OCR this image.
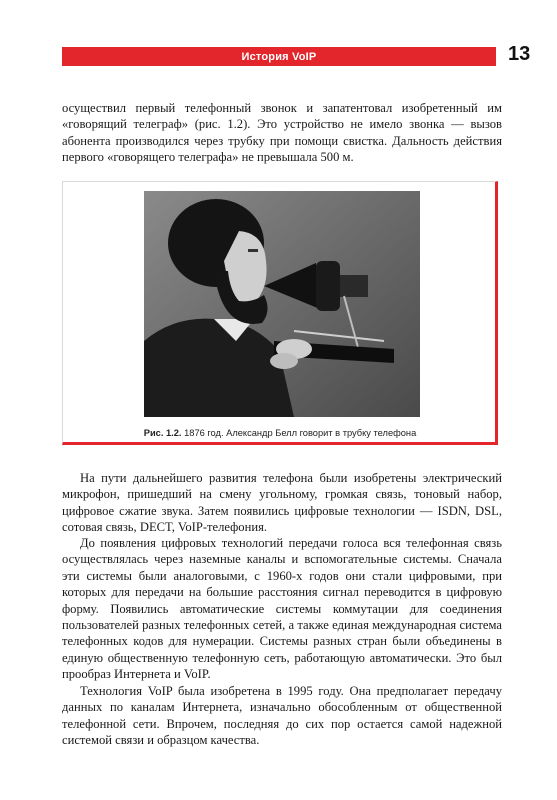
История VoIP	13

осуществил первый телефонный звонок и запатентовал изобретенный им «говорящий телеграф» (рис. 1.2). Это устройство не имело звонка — вызов абонента производился через трубку при помощи свистка. Дальность действия первого «говорящего телеграфа» не превышала 500 м.

Рис. 1.2. 1876 год. Александр Белл говорит в трубку телефона

На пути дальнейшего развития телефона были изобретены электрический микрофон, пришедший на смену угольному, громкая связь, тоновый набор, цифровое сжатие звука. Затем появились цифровые технологии — ISDN, DSL, сотовая связь, DECT, VoIP-телефония.

До появления цифровых технологий передачи голоса вся телефонная связь осуществлялась через наземные каналы и вспомогательные системы. Сначала эти системы были аналоговыми, с 1960-х годов они стали цифровыми, при которых для передачи на большие расстояния сигнал переводится в цифровую форму. Появились автоматические системы коммутации для соединения пользователей разных телефонных сетей, а также единая международная система телефонных кодов для нумерации. Системы разных стран были объединены в единую общественную телефонную сеть, работающую автоматически. Это был прообраз Интернета и VoIP.

Технология VoIP была изобретена в 1995 году. Она предполагает передачу данных по каналам Интернета, изначально обособленным от общественной телефонной сети. Впрочем, последняя до сих пор остается самой надежной системой связи и образцом качества.
